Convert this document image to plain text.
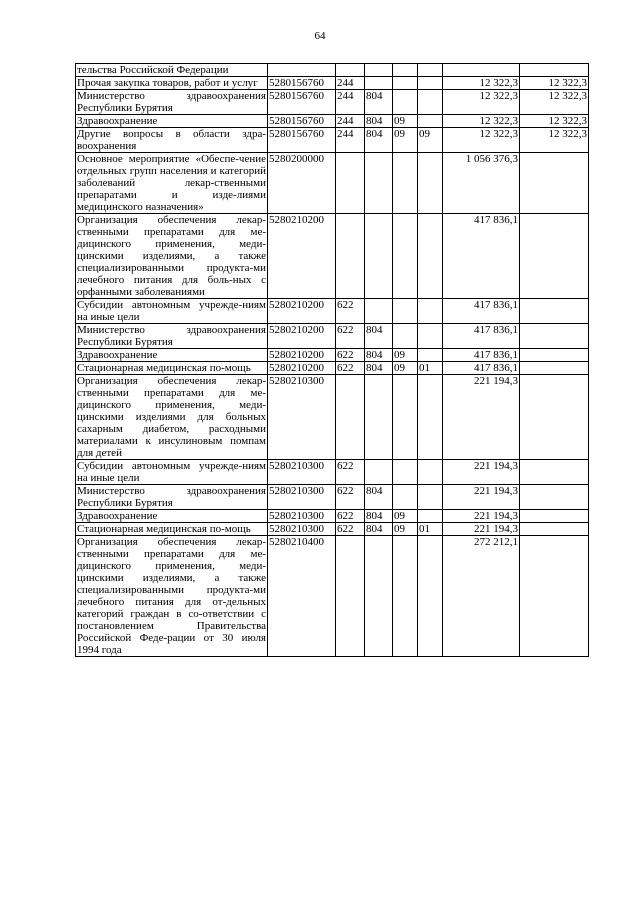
64
тельства Российской Федерации							
Прочая закупка товаров, работ и услуг	5280156760	244				12 322,3	12 322,3
Министерство здравоохранения Республики Бурятия	5280156760	244	804			12 322,3	12 322,3
Здравоохранение	5280156760	244	804	09		12 322,3	12 322,3
Другие вопросы в области здра-воохранения	5280156760	244	804	09	09	12 322,3	12 322,3
Основное мероприятие «Обеспе-чение отдельных групп населения и категорий заболеваний лекар-ственными препаратами и изде-лиями медицинского назначения»	5280200000					1 056 376,3	
Организация обеспечения лекар-ственными препаратами для ме-дицинского применения, меди-цинскими изделиями, а также специализированными продукта-ми лечебного питания для боль-ных с орфанными заболеваниями	5280210200					417 836,1	
Субсидии автономным учрежде-ниям на иные цели	5280210200	622				417 836,1	
Министерство здравоохранения Республики Бурятия	5280210200	622	804			417 836,1	
Здравоохранение	5280210200	622	804	09		417 836,1	
Стационарная медицинская по-мощь	5280210200	622	804	09	01	417 836,1	
Организация обеспечения лекар-ственными препаратами для ме-дицинского применения, меди-цинскими изделиями для больных сахарным диабетом, расходными материалами к инсулиновым помпам для детей	5280210300					221 194,3	
Субсидии автономным учрежде-ниям на иные цели	5280210300	622				221 194,3	
Министерство здравоохранения Республики Бурятия	5280210300	622	804			221 194,3	
Здравоохранение	5280210300	622	804	09		221 194,3	
Стационарная медицинская по-мощь	5280210300	622	804	09	01	221 194,3	
Организация обеспечения лекар-ственными препаратами для ме-дицинского применения, меди-цинскими изделиями, а также специализированными продукта-ми лечебного питания для от-дельных категорий граждан в со-ответствии с постановлением Правительства Российской Феде-рации от 30 июля 1994 года	5280210400					272 212,1	
